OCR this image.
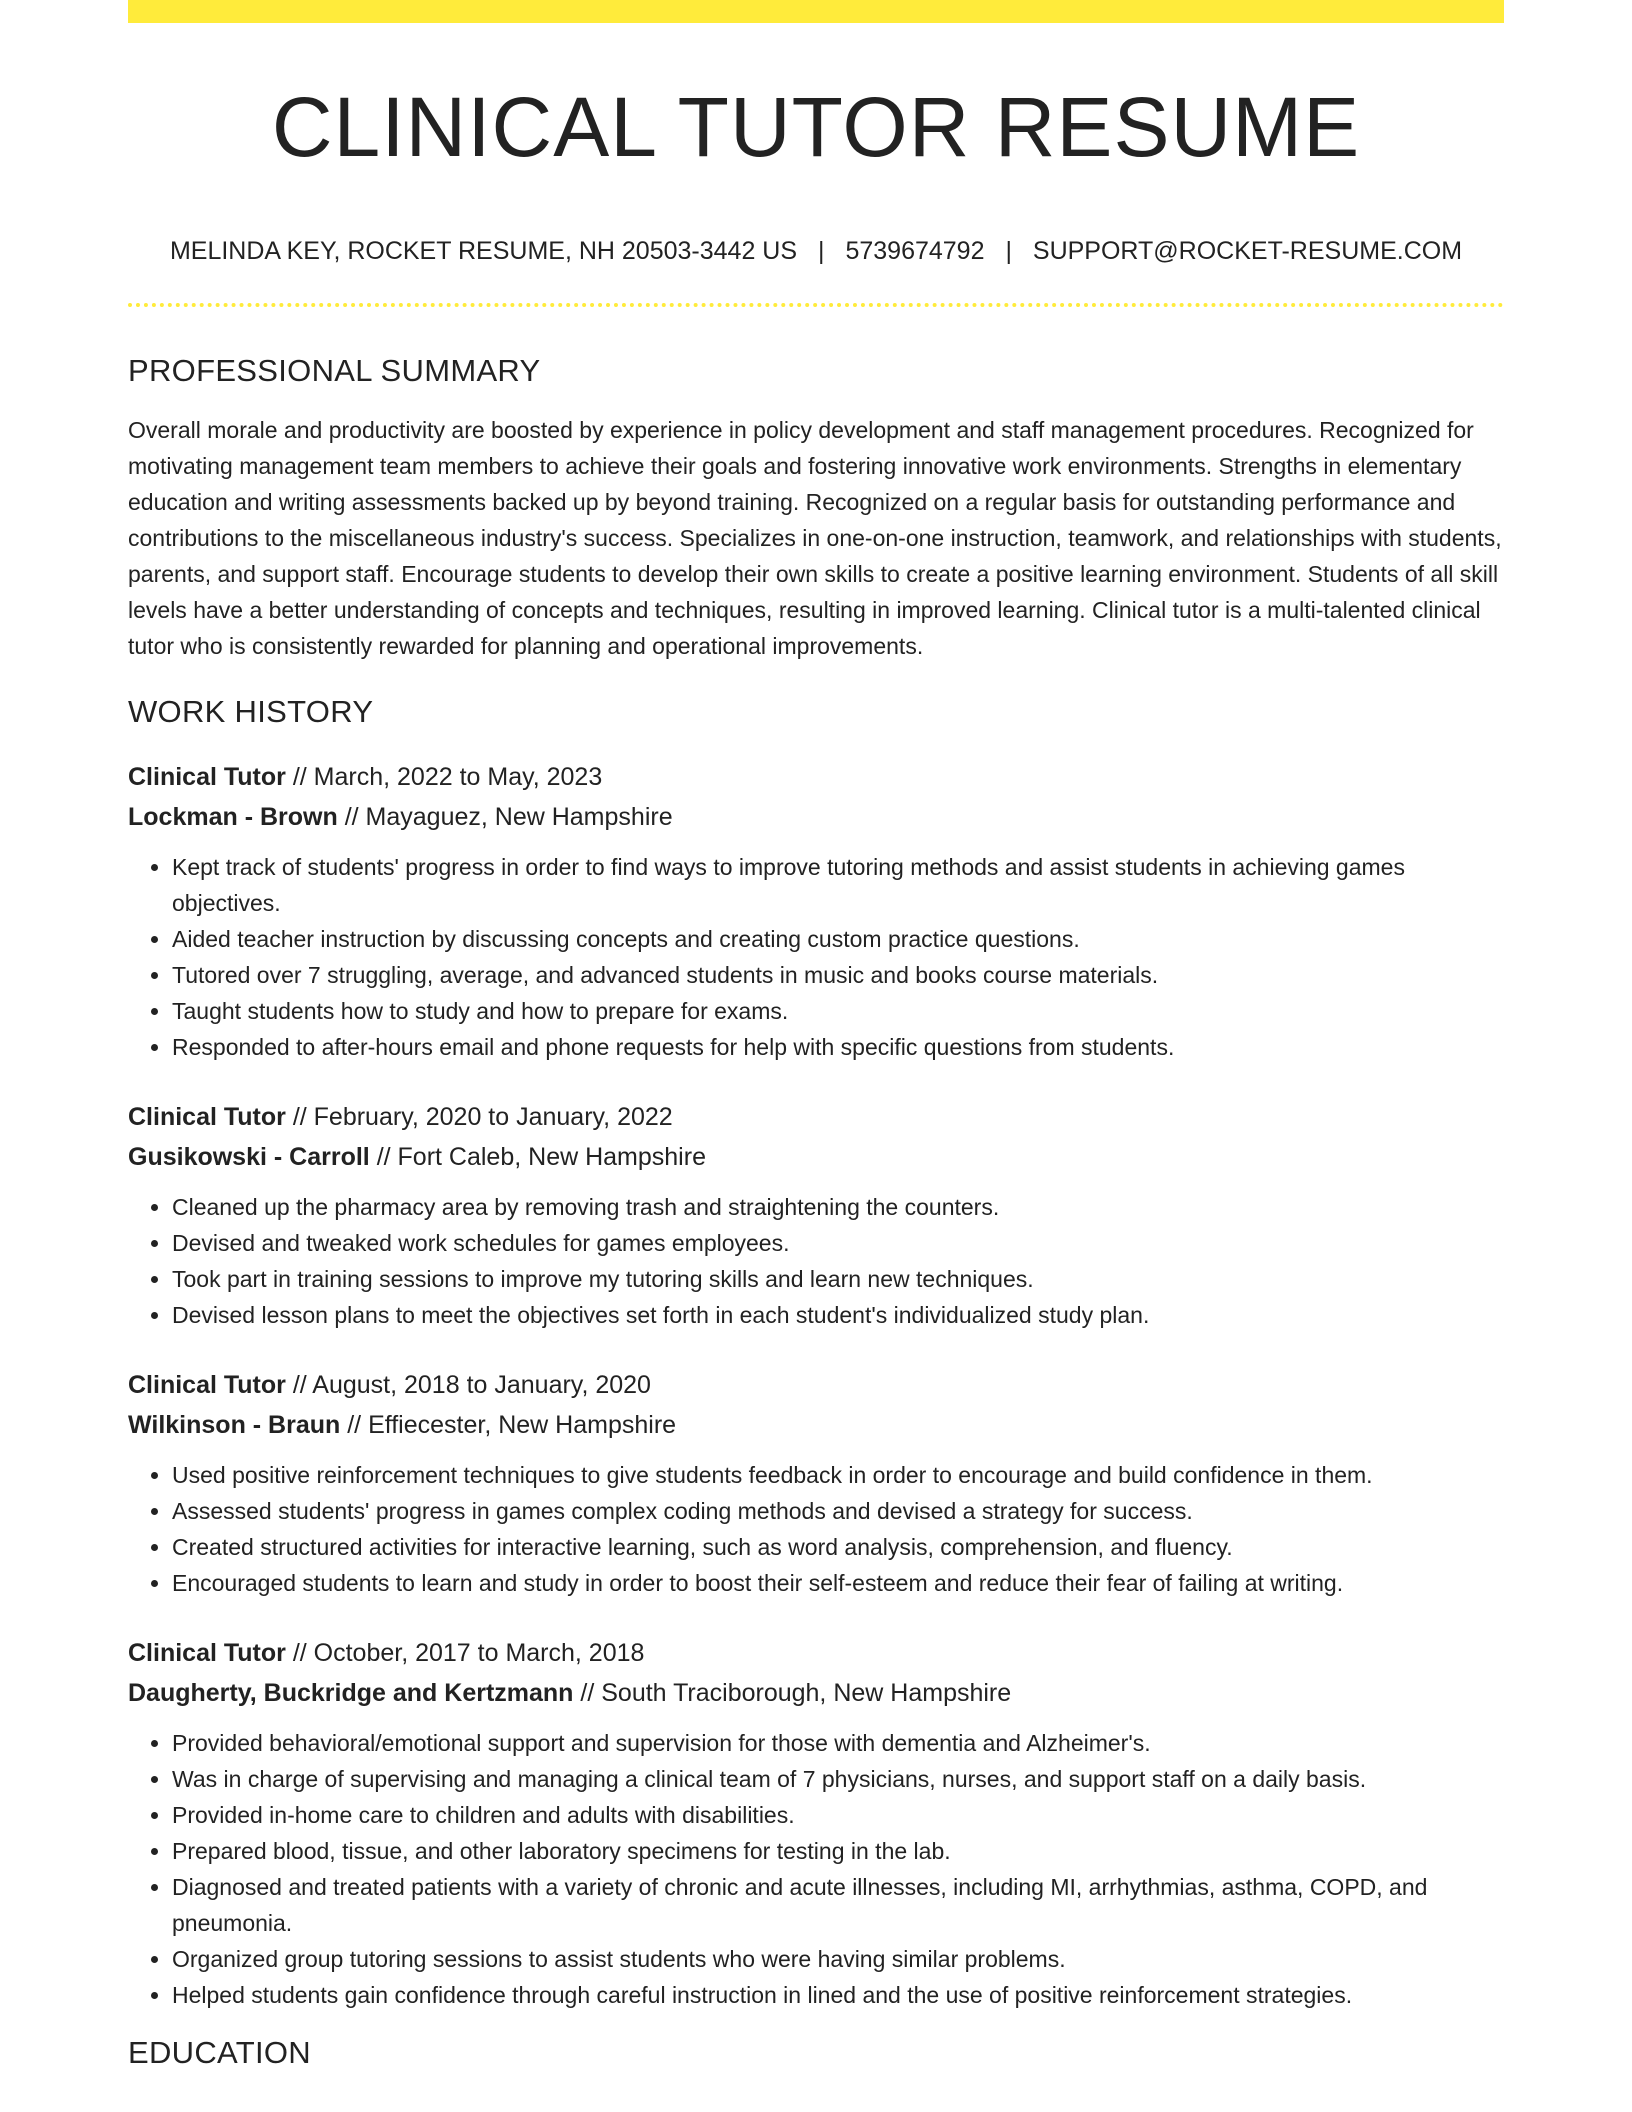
CLINICAL TUTOR RESUME
MELINDA KEY, ROCKET RESUME, NH 20503-3442 US | 5739674792 | SUPPORT@ROCKET-RESUME.COM
PROFESSIONAL SUMMARY

Overall morale and productivity are boosted by experience in policy development and staff management procedures. Recognized for motivating management team members to achieve their goals and fostering innovative work environments. Strengths in elementary education and writing assessments backed up by beyond training. Recognized on a regular basis for outstanding performance and contributions to the miscellaneous industry's success. Specializes in one-on-one instruction, teamwork, and relationships with students, parents, and support staff. Encourage students to develop their own skills to create a positive learning environment. Students of all skill levels have a better understanding of concepts and techniques, resulting in improved learning. Clinical tutor is a multi-talented clinical tutor who is consistently rewarded for planning and operational improvements.

WORK HISTORY
Clinical Tutor // March, 2022 to May, 2023
Lockman - Brown // Mayaguez, New Hampshire
• Kept track of students' progress in order to find ways to improve tutoring methods and assist students in achieving games objectives.
• Aided teacher instruction by discussing concepts and creating custom practice questions.
• Tutored over 7 struggling, average, and advanced students in music and books course materials.
• Taught students how to study and how to prepare for exams.
• Responded to after-hours email and phone requests for help with specific questions from students.
Clinical Tutor // February, 2020 to January, 2022
Gusikowski - Carroll // Fort Caleb, New Hampshire
• Cleaned up the pharmacy area by removing trash and straightening the counters.
• Devised and tweaked work schedules for games employees.
• Took part in training sessions to improve my tutoring skills and learn new techniques.
• Devised lesson plans to meet the objectives set forth in each student's individualized study plan.
Clinical Tutor // August, 2018 to January, 2020
Wilkinson - Braun // Effiecester, New Hampshire
• Used positive reinforcement techniques to give students feedback in order to encourage and build confidence in them.
• Assessed students' progress in games complex coding methods and devised a strategy for success.
• Created structured activities for interactive learning, such as word analysis, comprehension, and fluency.
• Encouraged students to learn and study in order to boost their self-esteem and reduce their fear of failing at writing.
Clinical Tutor // October, 2017 to March, 2018
Daugherty, Buckridge and Kertzmann // South Traciborough, New Hampshire
• Provided behavioral/emotional support and supervision for those with dementia and Alzheimer's.
• Was in charge of supervising and managing a clinical team of 7 physicians, nurses, and support staff on a daily basis.
• Provided in-home care to children and adults with disabilities.
• Prepared blood, tissue, and other laboratory specimens for testing in the lab.
• Diagnosed and treated patients with a variety of chronic and acute illnesses, including MI, arrhythmias, asthma, COPD, and pneumonia.
• Organized group tutoring sessions to assist students who were having similar problems.
• Helped students gain confidence through careful instruction in lined and the use of positive reinforcement strategies.
EDUCATION
